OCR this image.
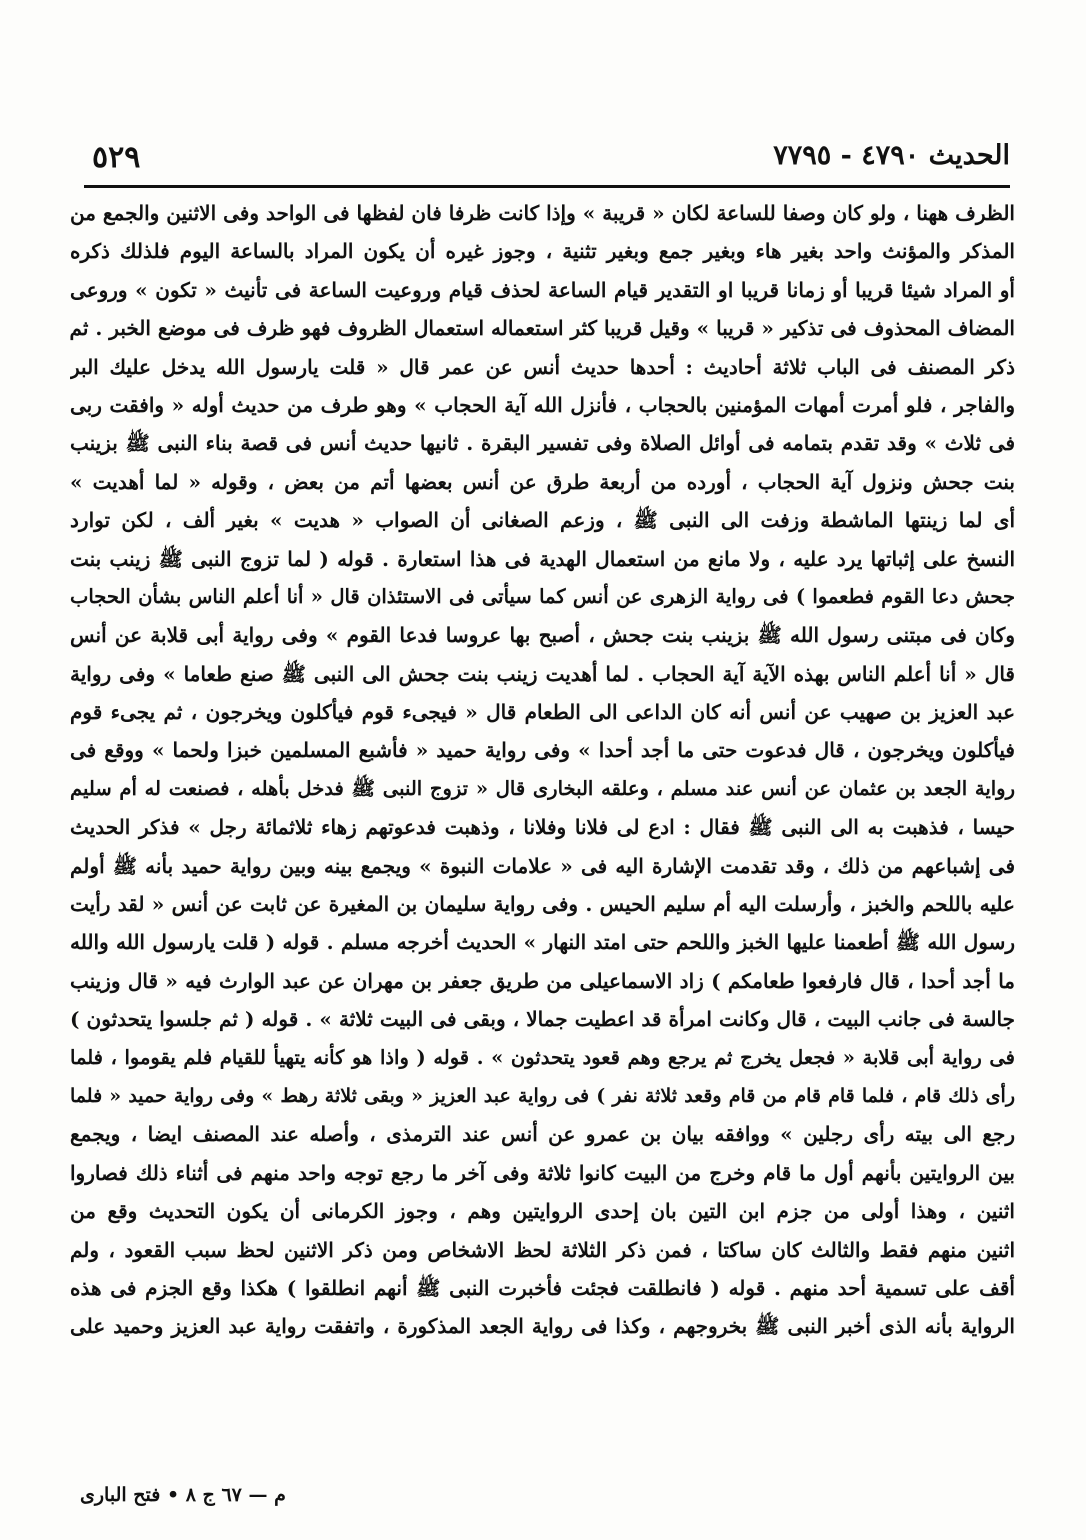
الحديث ٤٧٩٠ - ٧٧٩٥
٥٢٩
الظرف ههنا ، ولو كان وصفا للساعة لكان « قريبة » وإذا كانت ظرفا فان لفظها فى الواحد وفى الاثنين والجمع من
المذكر والمؤنث واحد بغير هاء وبغير جمع وبغير تثنية ، وجوز غيره أن يكون المراد بالساعة اليوم فلذلك ذكره
أو المراد شيئا قريبا أو زمانا قريبا او التقدير قيام الساعة لحذف قيام وروعيت الساعة فى تأنيث « تكون » وروعى
المضاف المحذوف فى تذكير « قريبا » وقيل قريبا كثر استعماله استعمال الظروف فهو ظرف فى موضع الخبر . ثم
ذكر المصنف فى الباب ثلاثة أحاديث : أحدها حديث أنس عن عمر قال « قلت يارسول الله يدخل عليك البر
والفاجر ، فلو أمرت أمهات المؤمنين بالحجاب ، فأنزل الله آية الحجاب » وهو طرف من حديث أوله « وافقت ربى
فى ثلاث » وقد تقدم بتمامه فى أوائل الصلاة وفى تفسير البقرة . ثانيها حديث أنس فى قصة بناء النبى ﷺ بزينب
بنت جحش ونزول آية الحجاب ، أورده من أربعة طرق عن أنس بعضها أتم من بعض ، وقوله « لما أهديت »
أى لما زينتها الماشطة وزفت الى النبى ﷺ ، وزعم الصغانى أن الصواب « هديت » بغير ألف ، لكن توارد
النسخ على إثباتها يرد عليه ، ولا مانع من استعمال الهدية فى هذا استعارة . قوله ( لما تزوج النبى ﷺ زينب بنت
جحش دعا القوم فطعموا ) فى رواية الزهرى عن أنس كما سيأتى فى الاستئذان قال « أنا أعلم الناس بشأن الحجاب
وكان فى مبتنى رسول الله ﷺ بزينب بنت جحش ، أصبح بها عروسا فدعا القوم » وفى رواية أبى قلابة عن أنس
قال « أنا أعلم الناس بهذه الآية آية الحجاب . لما أهديت زينب بنت جحش الى النبى ﷺ صنع طعاما » وفى رواية
عبد العزيز بن صهيب عن أنس أنه كان الداعى الى الطعام قال « فيجىء قوم فيأكلون ويخرجون ، ثم يجىء قوم
فيأكلون ويخرجون ، قال فدعوت حتى ما أجد أحدا » وفى رواية حميد « فأشبع المسلمين خبزا ولحما » ووقع فى
رواية الجعد بن عثمان عن أنس عند مسلم ، وعلقه البخارى قال « تزوج النبى ﷺ فدخل بأهله ، فصنعت له أم سليم
حيسا ، فذهبت به الى النبى ﷺ فقال : ادع لى فلانا وفلانا ، وذهبت فدعوتهم زهاء ثلاثمائة رجل » فذكر الحديث
فى إشباعهم من ذلك ، وقد تقدمت الإشارة اليه فى « علامات النبوة » ويجمع بينه وبين رواية حميد بأنه ﷺ أولم
عليه باللحم والخبز ، وأرسلت اليه أم سليم الحيس . وفى رواية سليمان بن المغيرة عن ثابت عن أنس « لقد رأيت
رسول الله ﷺ أطعمنا عليها الخبز واللحم حتى امتد النهار » الحديث أخرجه مسلم . قوله ( قلت يارسول الله والله
ما أجد أحدا ، قال فارفعوا طعامكم ) زاد الاسماعيلى من طريق جعفر بن مهران عن عبد الوارث فيه « قال وزينب
جالسة فى جانب البيت ، قال وكانت امرأة قد اعطيت جمالا ، وبقى فى البيت ثلاثة » . قوله ( ثم جلسوا يتحدثون )
فى رواية أبى قلابة « فجعل يخرج ثم يرجع وهم قعود يتحدثون » . قوله ( واذا هو كأنه يتهيأ للقيام فلم يقوموا ، فلما
رأى ذلك قام ، فلما قام قام من قام وقعد ثلاثة نفر ) فى رواية عبد العزيز « وبقى ثلاثة رهط » وفى رواية حميد « فلما
رجع الى بيته رأى رجلين » ووافقه بيان بن عمرو عن أنس عند الترمذى ، وأصله عند المصنف ايضا ، ويجمع
بين الروايتين بأنهم أول ما قام وخرج من البيت كانوا ثلاثة وفى آخر ما رجع توجه واحد منهم فى أثناء ذلك فصاروا
اثنين ، وهذا أولى من جزم ابن التين بان إحدى الروايتين وهم ، وجوز الكرمانى أن يكون التحديث وقع من
اثنين منهم فقط والثالث كان ساكتا ، فمن ذكر الثلاثة لحظ الاشخاص ومن ذكر الاثنين لحظ سبب القعود ، ولم
أقف على تسمية أحد منهم . قوله ( فانطلقت فجئت فأخبرت النبى ﷺ أنهم انطلقوا ) هكذا وقع الجزم فى هذه
الرواية بأنه الذى أخبر النبى ﷺ بخروجهم ، وكذا فى رواية الجعد المذكورة ، واتفقت رواية عبد العزيز وحميد على
م — ٦٧ ج ٨ • فتح البارى
